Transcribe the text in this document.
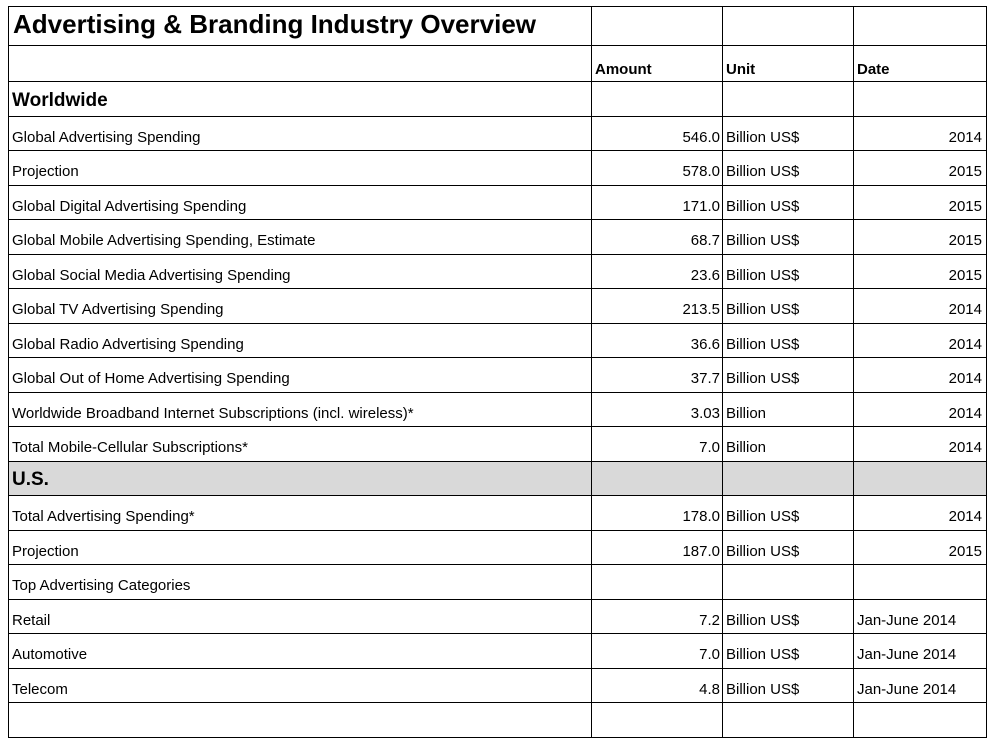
Advertising & Branding Industry Overview			
	Amount	Unit	Date
Worldwide			
Global Advertising Spending	546.0	Billion US$	2014
Projection	578.0	Billion US$	2015
Global Digital Advertising Spending	171.0	Billion US$	2015
Global Mobile Advertising Spending, Estimate	68.7	Billion US$	2015
Global Social Media Advertising Spending	23.6	Billion US$	2015
Global TV Advertising Spending	213.5	Billion US$	2014
Global Radio Advertising Spending	36.6	Billion US$	2014
Global Out of Home Advertising Spending	37.7	Billion US$	2014
Worldwide Broadband Internet Subscriptions (incl. wireless)*	3.03	Billion	2014
Total Mobile-Cellular Subscriptions*	7.0	Billion	2014
U.S.			
Total Advertising Spending*	178.0	Billion US$	2014
Projection	187.0	Billion US$	2015
Top Advertising Categories			
Retail	7.2	Billion US$	Jan-June 2014
Automotive	7.0	Billion US$	Jan-June 2014
Telecom	4.8	Billion US$	Jan-June 2014
